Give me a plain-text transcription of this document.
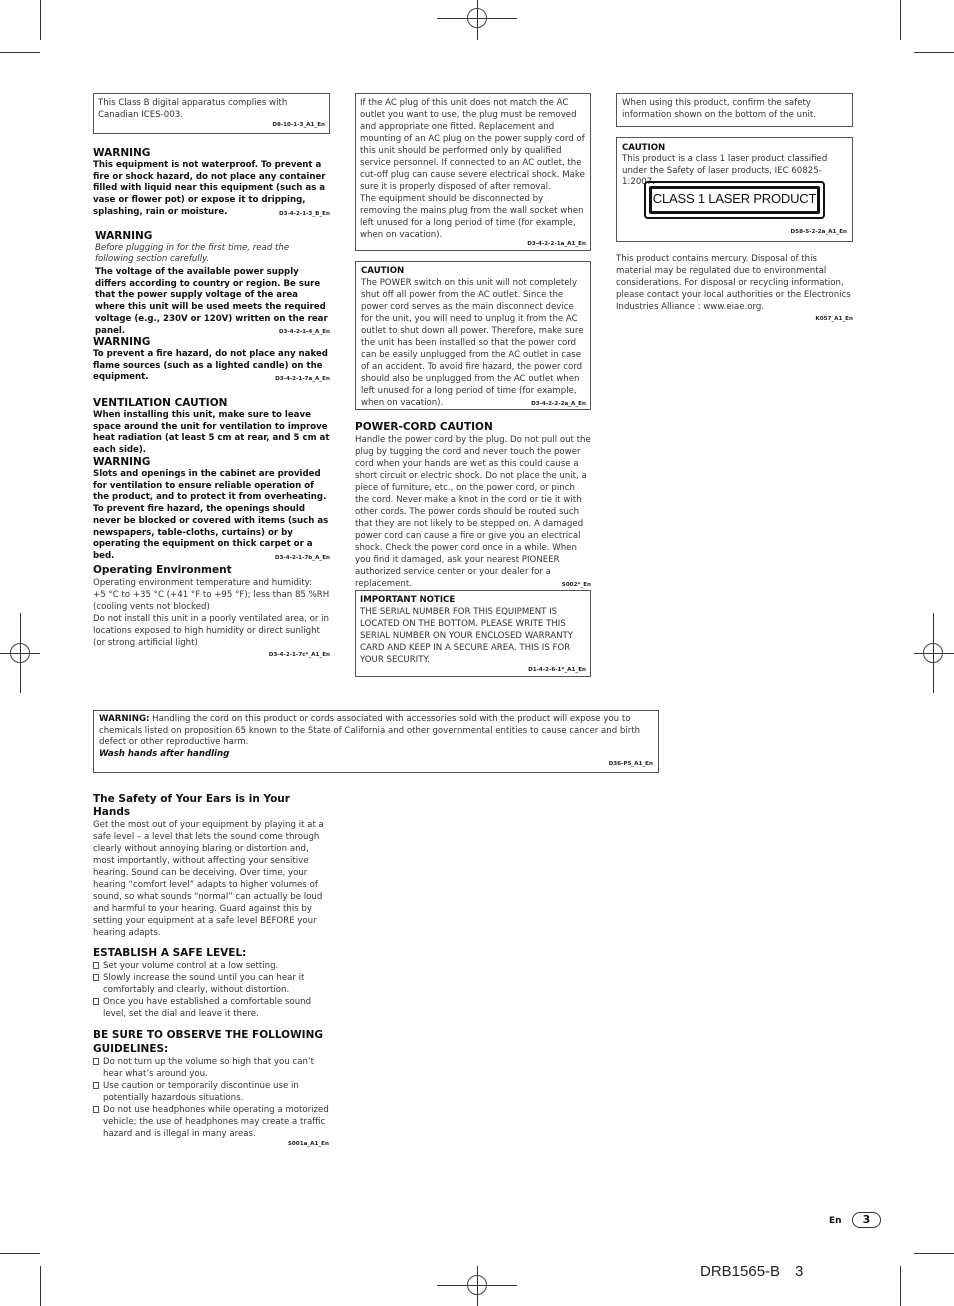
This Class B digital apparatus complies with Canadian ICES-003.

D8-10-1-3_A1_En
WARNING

This equipment is not waterproof. To prevent a fire or shock hazard, do not place any container filled with liquid near this equipment (such as a vase or flower pot) or expose it to dripping, splashing, rain or moisture.	D3-4-2-1-3_B_En
WARNING

Before plugging in for the first time, read the following section carefully.

The voltage of the available power supply differs according to country or region. Be sure that the power supply voltage of the area where this unit will be used meets the required voltage (e.g., 230V or 120V) written on the rear panel.	D3-4-2-1-4_A_En
WARNING

To prevent a fire hazard, do not place any naked flame sources (such as a lighted candle) on the equipment.	D3-4-2-1-7a_A_En
VENTILATION CAUTION

When installing this unit, make sure to leave space around the unit for ventilation to improve heat radiation (at least 5 cm at rear, and 5 cm at each side).

WARNING

Slots and openings in the cabinet are provided for ventilation to ensure reliable operation of the product, and to protect it from overheating. To prevent fire hazard, the openings should never be blocked or covered with items (such as newspapers, table-cloths, curtains) or by operating the equipment on thick carpet or a bed.	D3-4-2-1-7b_A_En
Operating Environment

Operating environment temperature and humidity:

+5 °C to +35 °C (+41 °F to +95 °F); less than 85 %RH (cooling vents not blocked)

Do not install this unit in a poorly ventilated area, or in locations exposed to high humidity or direct sunlight (or strong artificial light)

D3-4-2-1-7c*_A1_En

If the AC plug of this unit does not match the AC outlet you want to use, the plug must be removed and appropriate one fitted. Replacement and mounting of an AC plug on the power supply cord of this unit should be performed only by qualified service personnel. If connected to an AC outlet, the cut-off plug can cause severe electrical shock. Make sure it is properly disposed of after removal.

The equipment should be disconnected by removing the mains plug from the wall socket when left unused for a long period of time (for example, when on vacation).

D3-4-2-2-1a_A1_En
CAUTION

The POWER switch on this unit will not completely shut off all power from the AC outlet. Since the power cord serves as the main disconnect device for the unit, you will need to unplug it from the AC outlet to shut down all power. Therefore, make sure the unit has been installed so that the power cord can be easily unplugged from the AC outlet in case of an accident. To avoid fire hazard, the power cord should also be unplugged from the AC outlet when left unused for a long period of time (for example, when on vacation).	D3-4-2-2-2a_A_En
POWER-CORD CAUTION

Handle the power cord by the plug. Do not pull out the plug by tugging the cord and never touch the power cord when your hands are wet as this could cause a short circuit or electric shock. Do not place the unit, a piece of furniture, etc., on the power cord, or pinch the cord. Never make a knot in the cord or tie it with other cords. The power cords should be routed such that they are not likely to be stepped on. A damaged power cord can cause a fire or give you an electrical shock. Check the power cord once in a while. When you find it damaged, ask your nearest PIONEER authorized service center or your dealer for a replacement.	S002*_En
IMPORTANT NOTICE

THE SERIAL NUMBER FOR THIS EQUIPMENT IS LOCATED ON THE BOTTOM. PLEASE WRITE THIS SERIAL NUMBER ON YOUR ENCLOSED WARRANTY CARD AND KEEP IN A SECURE AREA. THIS IS FOR YOUR SECURITY.

D1-4-2-6-1*_A1_En

When using this product, confirm the safety information shown on the bottom of the unit.

CAUTION

This product is a class 1 laser product classified under the Safety of laser products, IEC 60825-1:2007.

CLASS 1 LASER PRODUCT
D58-5-2-2a_A1_En

This product contains mercury. Disposal of this material may be regulated due to environmental considerations. For disposal or recycling information, please contact your local authorities or the Electronics Industries Alliance : www.eiae.org.

K057_A1_En

WARNING: Handling the cord on this product or cords associated with accessories sold with the product will expose you to chemicals listed on proposition 65 known to the State of California and other governmental entities to cause cancer and birth defect or other reproductive harm.

Wash hands after handling

D36-P5_A1_En
The Safety of Your Ears is in Your Hands

Get the most out of your equipment by playing it at a safe level – a level that lets the sound come through clearly without annoying blaring or distortion and, most importantly, without affecting your sensitive hearing. Sound can be deceiving. Over time, your hearing “comfort level” adapts to higher volumes of sound, so what sounds “normal” can actually be loud and harmful to your hearing. Guard against this by setting your equipment at a safe level BEFORE your hearing adapts.

ESTABLISH A SAFE LEVEL:
Set your volume control at a low setting.
Slowly increase the sound until you can hear it comfortably and clearly, without distortion.
Once you have established a comfortable sound level, set the dial and leave it there.
BE SURE TO OBSERVE THE FOLLOWING GUIDELINES:
Do not turn up the volume so high that you can’t hear what’s around you.
Use caution or temporarily discontinue use in potentially hazardous situations.
Do not use headphones while operating a motorized vehicle; the use of headphones may create a traffic hazard and is illegal in many areas.
S001a_A1_En
En	3
DRB1565-B 3
